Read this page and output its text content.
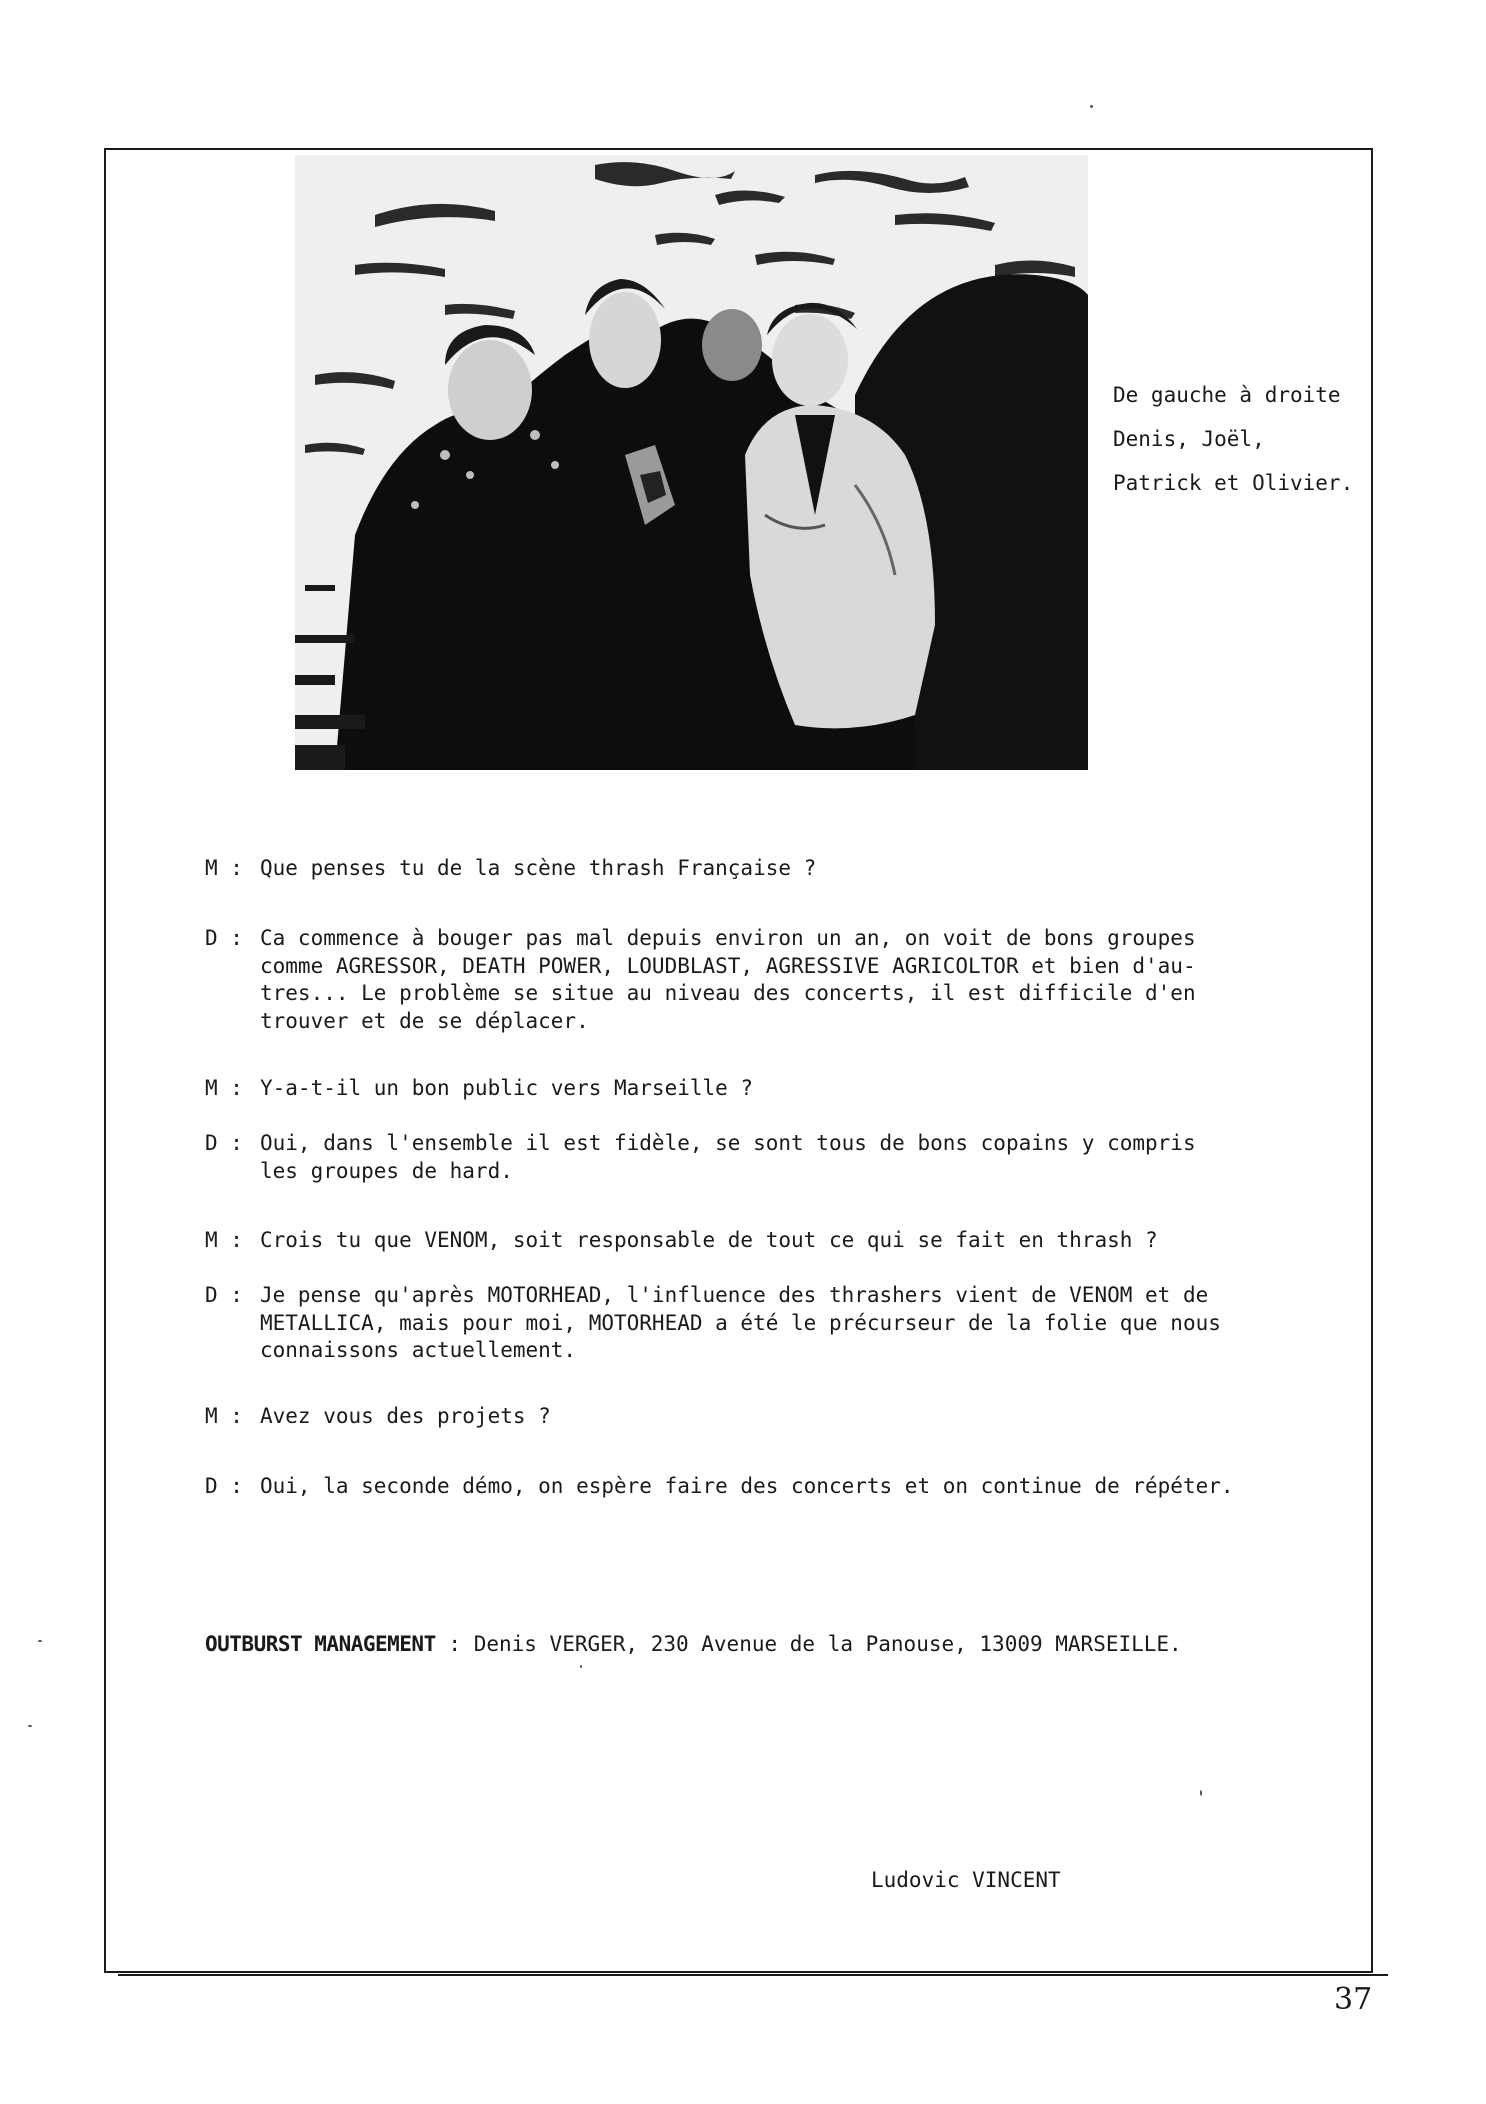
De gauche à droite
Denis, Joël,
Patrick et Olivier.
M : Que penses tu de la scène thrash Française ?
D : Ca commence à bouger pas mal depuis environ un an, on voit de bons groupes
comme AGRESSOR, DEATH POWER, LOUDBLAST, AGRESSIVE AGRICOLTOR et bien d'au-
tres... Le problème se situe au niveau des concerts, il est difficile d'en
trouver et de se déplacer.
M : Y-a-t-il un bon public vers Marseille ?
D : Oui, dans l'ensemble il est fidèle, se sont tous de bons copains y compris
les groupes de hard.
M : Crois tu que VENOM, soit responsable de tout ce qui se fait en thrash ?
D : Je pense qu'après MOTORHEAD, l'influence des thrashers vient de VENOM et de
METALLICA, mais pour moi, MOTORHEAD a été le précurseur de la folie que nous
connaissons actuellement.
M : Avez vous des projets ?
D : Oui, la seconde démo, on espère faire des concerts et on continue de répéter.
OUTBURST MANAGEMENT : Denis VERGER, 230 Avenue de la Panouse, 13009 MARSEILLE.
Ludovic VINCENT
37
